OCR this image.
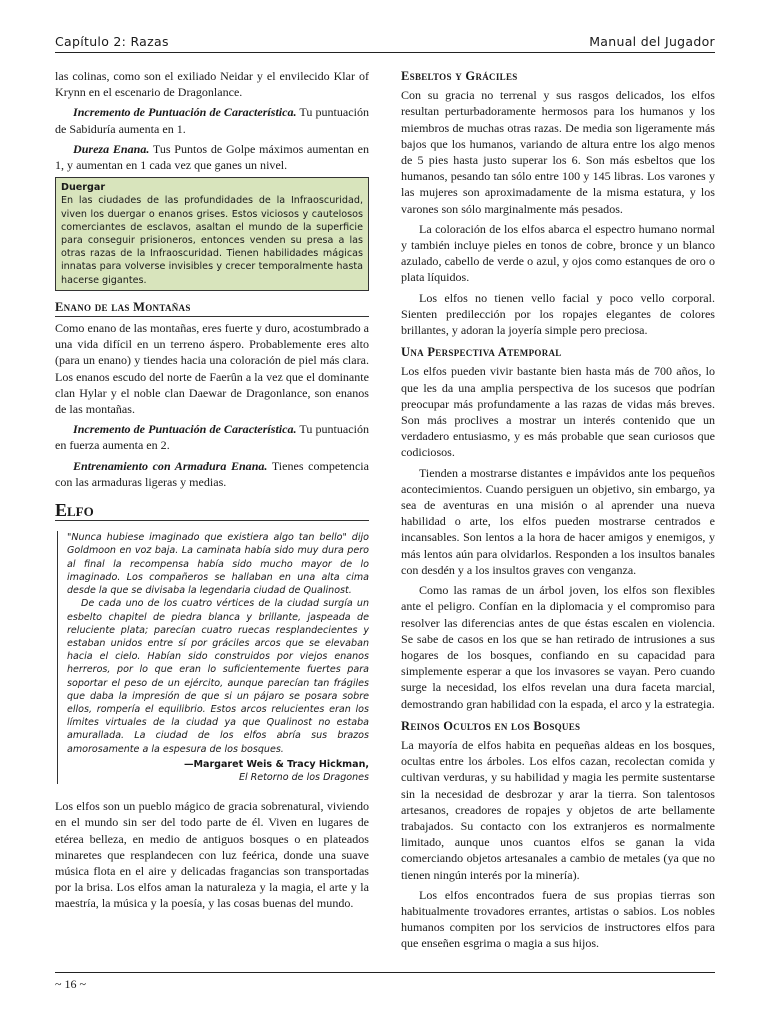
Capítulo 2: Razas	Manual del Jugador

las colinas, como son el exiliado Neidar y el envilecido Klar of Krynn en el escenario de Dragonlance.

Incremento de Puntuación de Característica. Tu puntuación de Sabiduría aumenta en 1.

Dureza Enana. Tus Puntos de Golpe máximos aumentan en 1, y aumentan en 1 cada vez que ganes un nivel.

Duergar
En las ciudades de las profundidades de la Infraoscuridad, viven los duergar o enanos grises. Estos viciosos y cautelosos comerciantes de esclavos, asaltan el mundo de la superficie para conseguir prisioneros, entonces venden su presa a las otras razas de la Infraoscuridad. Tienen habilidades mágicas innatas para volverse invisibles y crecer temporalmente hasta hacerse gigantes.
Enano de las Montañas

Como enano de las montañas, eres fuerte y duro, acostumbrado a una vida difícil en un terreno áspero. Probablemente eres alto (para un enano) y tiendes hacia una coloración de piel más clara. Los enanos escudo del norte de Faerûn a la vez que el dominante clan Hylar y el noble clan Daewar de Dragonlance, son enanos de las montañas.

Incremento de Puntuación de Característica. Tu puntuación en fuerza aumenta en 2.

Entrenamiento con Armadura Enana. Tienes competencia con las armaduras ligeras y medias.

Elfo

"Nunca hubiese imaginado que existiera algo tan bello" dijo Goldmoon en voz baja. La caminata había sido muy dura pero al final la recompensa había sido mucho mayor de lo imaginado. Los compañeros se hallaban en una alta cima desde la que se divisaba la legendaria ciudad de Qualinost.

De cada uno de los cuatro vértices de la ciudad surgía un esbelto chapitel de piedra blanca y brillante, jaspeada de reluciente plata; parecían cuatro ruecas resplandecientes y estaban unidos entre sí por gráciles arcos que se elevaban hacia el cielo. Habían sido construidos por viejos enanos herreros, por lo que eran lo suficientemente fuertes para soportar el peso de un ejército, aunque parecían tan frágiles que daba la impresión de que si un pájaro se posara sobre ellos, rompería el equilibrio. Estos arcos relucientes eran los límites virtuales de la ciudad ya que Qualinost no estaba amurallada. La ciudad de los elfos abría sus brazos amorosamente a la espesura de los bosques.

—Margaret Weis & Tracy Hickman,
El Retorno de los Dragones

Los elfos son un pueblo mágico de gracia sobrenatural, viviendo en el mundo sin ser del todo parte de él. Viven en lugares de etérea belleza, en medio de antiguos bosques o en plateados minaretes que resplandecen con luz feérica, donde una suave música flota en el aire y delicadas fragancias son transportadas por la brisa. Los elfos aman la naturaleza y la magia, el arte y la maestría, la música y la poesía, y las cosas buenas del mundo.

Esbeltos y Gráciles

Con su gracia no terrenal y sus rasgos delicados, los elfos resultan perturbadoramente hermosos para los humanos y los miembros de muchas otras razas. De media son ligeramente más bajos que los humanos, variando de altura entre los algo menos de 5 pies hasta justo superar los 6. Son más esbeltos que los humanos, pesando tan sólo entre 100 y 145 libras. Los varones y las mujeres son aproximadamente de la misma estatura, y los varones son sólo marginalmente más pesados.

La coloración de los elfos abarca el espectro humano normal y también incluye pieles en tonos de cobre, bronce y un blanco azulado, cabello de verde o azul, y ojos como estanques de oro o plata líquidos.

Los elfos no tienen vello facial y poco vello corporal. Sienten predilección por los ropajes elegantes de colores brillantes, y adoran la joyería simple pero preciosa.

Una Perspectiva Atemporal

Los elfos pueden vivir bastante bien hasta más de 700 años, lo que les da una amplia perspectiva de los sucesos que podrían preocupar más profundamente a las razas de vidas más breves. Son más proclives a mostrar un interés contenido que un verdadero entusiasmo, y es más probable que sean curiosos que codiciosos.

Tienden a mostrarse distantes e impávidos ante los pequeños acontecimientos. Cuando persiguen un objetivo, sin embargo, ya sea de aventuras en una misión o al aprender una nueva habilidad o arte, los elfos pueden mostrarse centrados e incansables. Son lentos a la hora de hacer amigos y enemigos, y más lentos aún para olvidarlos. Responden a los insultos banales con desdén y a los insultos graves con venganza.

Como las ramas de un árbol joven, los elfos son flexibles ante el peligro. Confían en la diplomacia y el compromiso para resolver las diferencias antes de que éstas escalen en violencia. Se sabe de casos en los que se han retirado de intrusiones a sus hogares de los bosques, confiando en su capacidad para simplemente esperar a que los invasores se vayan. Pero cuando surge la necesidad, los elfos revelan una dura faceta marcial, demostrando gran habilidad con la espada, el arco y la estrategia.

Reinos Ocultos en los Bosques

La mayoría de elfos habita en pequeñas aldeas en los bosques, ocultas entre los árboles. Los elfos cazan, recolectan comida y cultivan verduras, y su habilidad y magia les permite sustentarse sin la necesidad de desbrozar y arar la tierra. Son talentosos artesanos, creadores de ropajes y objetos de arte bellamente trabajados. Su contacto con los extranjeros es normalmente limitado, aunque unos cuantos elfos se ganan la vida comerciando objetos artesanales a cambio de metales (ya que no tienen ningún interés por la minería).

Los elfos encontrados fuera de sus propias tierras son habitualmente trovadores errantes, artistas o sabios. Los nobles humanos compiten por los servicios de instructores elfos para que enseñen esgrima o magia a sus hijos.

~ 16 ~
